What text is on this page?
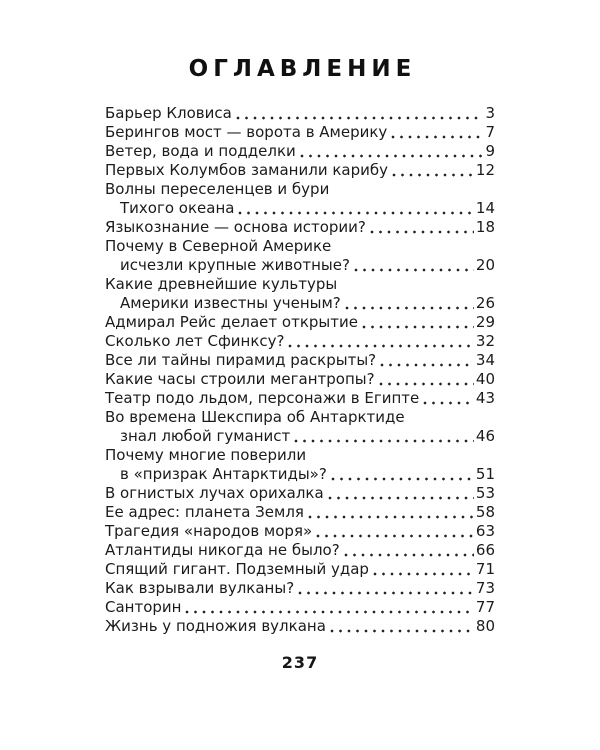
ОГЛАВЛЕНИЕ
Барьер Кловиса	3
Берингов мост — ворота в Америку	7
Ветер, вода и подделки	9
Первых Колумбов заманили карибу	12
Волны переселенцев и бури
Тихого океана	14
Языкознание — основа истории?	18
Почему в Северной Америке
исчезли крупные животные?	20
Какие древнейшие культуры
Америки известны ученым?	26
Адмирал Рейс делает открытие	29
Сколько лет Сфинксу?	32
Все ли тайны пирамид раскрыты?	34
Какие часы строили мегантропы?	40
Театр подо льдом, персонажи в Египте	43
Во времена Шекспира об Антарктиде
знал любой гуманист	46
Почему многие поверили
в «призрак Антарктиды»?	51
В огнистых лучах орихалка	53
Ее адрес: планета Земля	58
Трагедия «народов моря»	63
Атлантиды никогда не было?	66
Спящий гигант. Подземный удар	71
Как взрывали вулканы?	73
Санторин	77
Жизнь у подножия вулкана	80
237
